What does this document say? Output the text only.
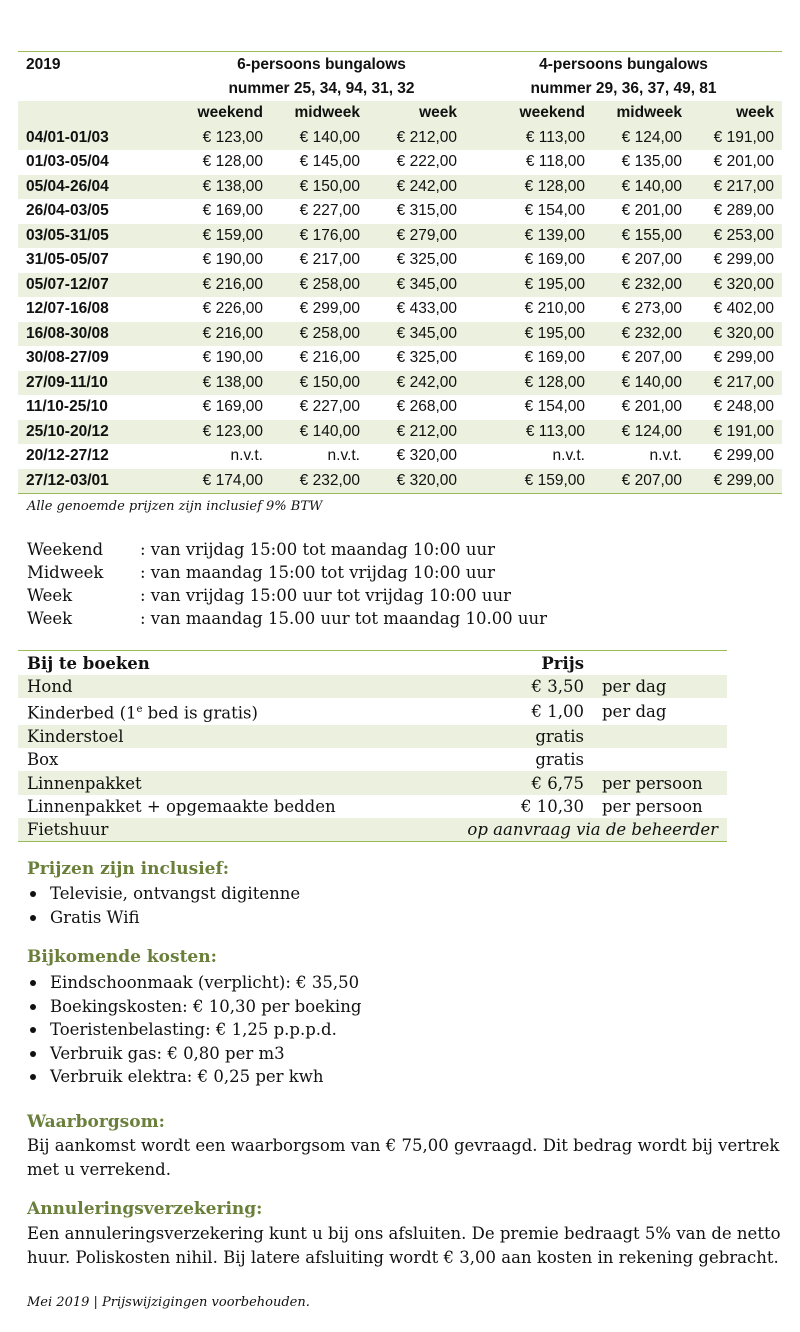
2019	6-persoons bungalows			4-persoons bungalows		
	nummer 25, 34, 94, 31, 32			nummer 29, 36, 37, 49, 81		
	weekend	midweek	week	weekend	midweek	week
04/01-01/03	€ 123,00	€ 140,00	€ 212,00	€ 113,00	€ 124,00	€ 191,00
01/03-05/04	€ 128,00	€ 145,00	€ 222,00	€ 118,00	€ 135,00	€ 201,00
05/04-26/04	€ 138,00	€ 150,00	€ 242,00	€ 128,00	€ 140,00	€ 217,00
26/04-03/05	€ 169,00	€ 227,00	€ 315,00	€ 154,00	€ 201,00	€ 289,00
03/05-31/05	€ 159,00	€ 176,00	€ 279,00	€ 139,00	€ 155,00	€ 253,00
31/05-05/07	€ 190,00	€ 217,00	€ 325,00	€ 169,00	€ 207,00	€ 299,00
05/07-12/07	€ 216,00	€ 258,00	€ 345,00	€ 195,00	€ 232,00	€ 320,00
12/07-16/08	€ 226,00	€ 299,00	€ 433,00	€ 210,00	€ 273,00	€ 402,00
16/08-30/08	€ 216,00	€ 258,00	€ 345,00	€ 195,00	€ 232,00	€ 320,00
30/08-27/09	€ 190,00	€ 216,00	€ 325,00	€ 169,00	€ 207,00	€ 299,00
27/09-11/10	€ 138,00	€ 150,00	€ 242,00	€ 128,00	€ 140,00	€ 217,00
11/10-25/10	€ 169,00	€ 227,00	€ 268,00	€ 154,00	€ 201,00	€ 248,00
25/10-20/12	€ 123,00	€ 140,00	€ 212,00	€ 113,00	€ 124,00	€ 191,00
20/12-27/12	n.v.t.	n.v.t.	€ 320,00	n.v.t.	n.v.t.	€ 299,00
27/12-03/01	€ 174,00	€ 232,00	€ 320,00	€ 159,00	€ 207,00	€ 299,00
Alle genoemde prijzen zijn inclusief 9% BTW
Weekend	: van vrijdag 15:00 tot maandag 10:00 uur
Midweek	: van maandag 15:00 tot vrijdag 10:00 uur
Week	: van vrijdag 15:00 uur tot vrijdag 10:00 uur
Week	: van maandag 15.00 uur tot maandag 10.00 uur
Bij te boeken	Prijs	
Hond	€ 3,50	per dag
Kinderbed (1e bed is gratis)	€ 1,00	per dag
Kinderstoel	gratis	
Box	gratis	
Linnenpakket	€ 6,75	per persoon
Linnenpakket + opgemaakte bedden	€ 10,30	per persoon
Fietshuur	op aanvraag via de beheerder	
Prijzen zijn inclusief:
Televisie, ontvangst digitenne
Gratis Wifi
Bijkomende kosten:
Eindschoonmaak (verplicht): € 35,50
Boekingskosten: € 10,30 per boeking
Toeristenbelasting: € 1,25 p.p.p.d.
Verbruik gas: € 0,80 per m3
Verbruik elektra: € 0,25 per kwh
Waarborgsom:

Bij aankomst wordt een waarborgsom van € 75,00 gevraagd. Dit bedrag wordt bij vertrek met u verrekend.

Annuleringsverzekering:

Een annuleringsverzekering kunt u bij ons afsluiten. De premie bedraagt 5% van de netto huur. Poliskosten nihil. Bij latere afsluiting wordt € 3,00 aan kosten in rekening gebracht.

Mei 2019 | Prijswijzigingen voorbehouden.
